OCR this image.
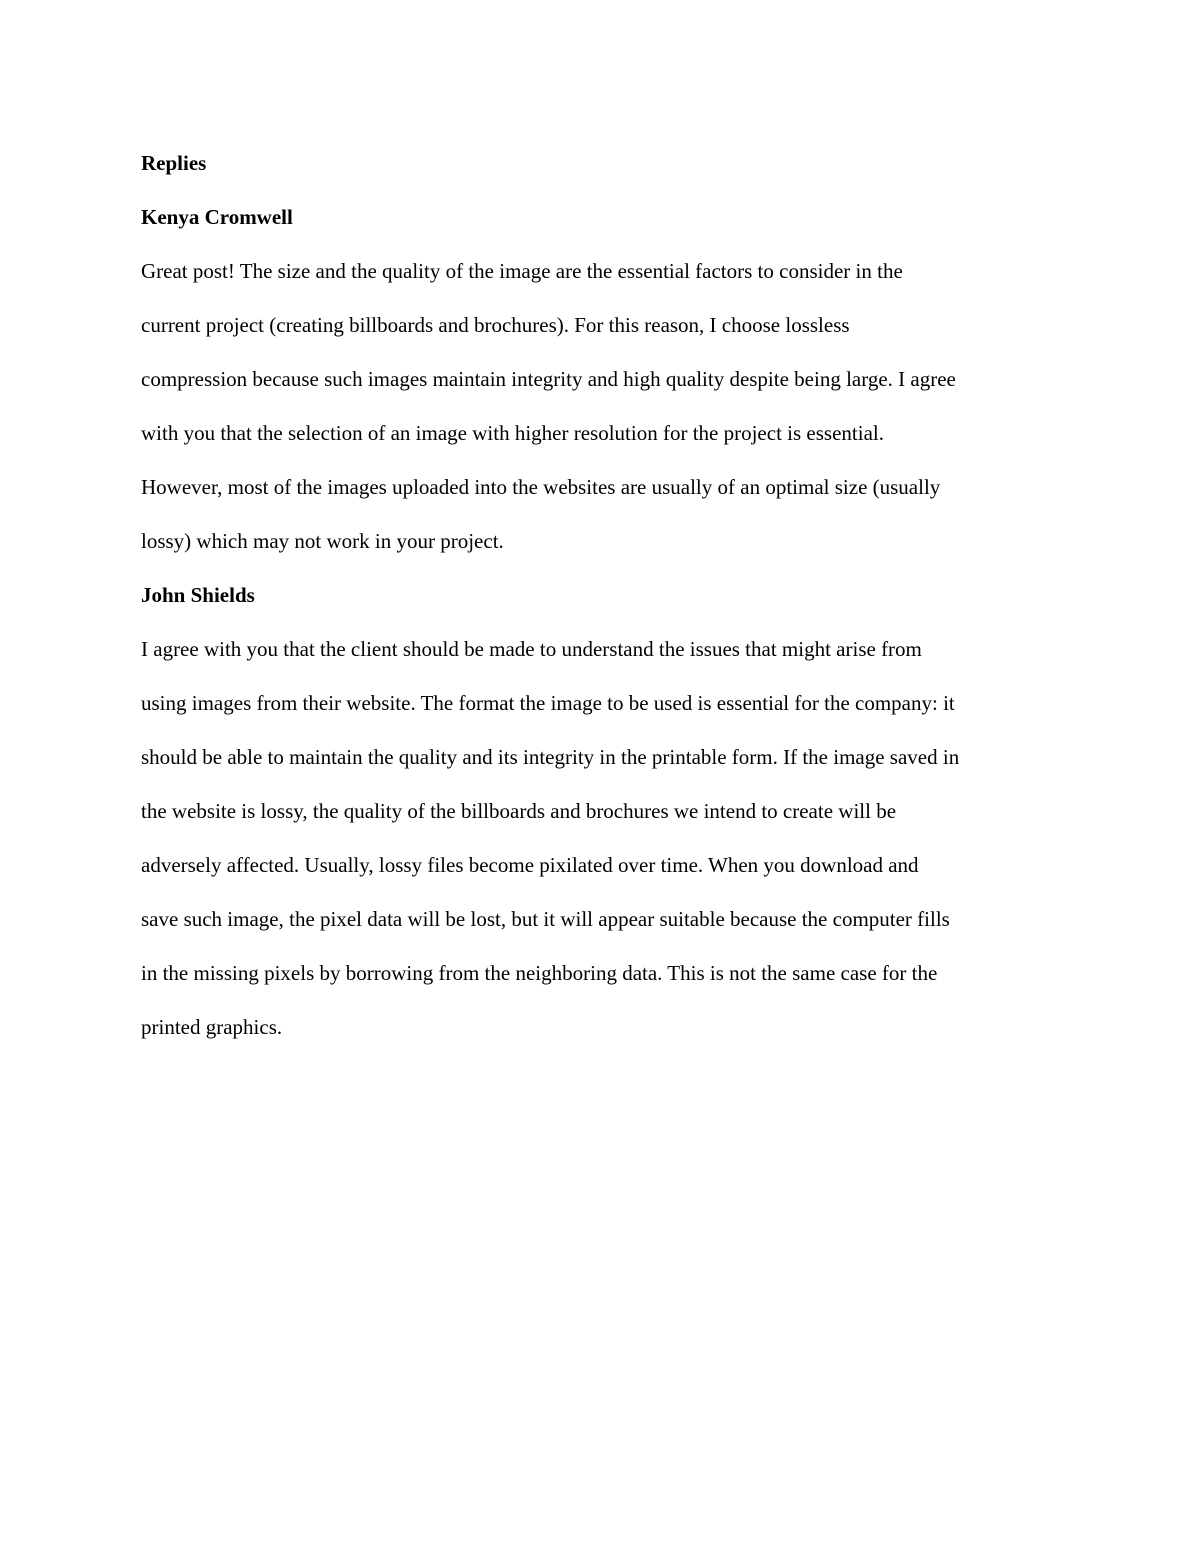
Replies

Kenya Cromwell

Great post! The size and the quality of the image are the essential factors to consider in the
current project (creating billboards and brochures). For this reason, I choose lossless
compression because such images maintain integrity and high quality despite being large. I agree
with you that the selection of an image with higher resolution for the project is essential.
However, most of the images uploaded into the websites are usually of an optimal size (usually
lossy) which may not work in your project.

John Shields

I agree with you that the client should be made to understand the issues that might arise from
using images from their website. The format the image to be used is essential for the company: it
should be able to maintain the quality and its integrity in the printable form. If the image saved in
the website is lossy, the quality of the billboards and brochures we intend to create will be
adversely affected. Usually, lossy files become pixilated over time. When you download and
save such image, the pixel data will be lost, but it will appear suitable because the computer fills
in the missing pixels by borrowing from the neighboring data. This is not the same case for the
printed graphics.
